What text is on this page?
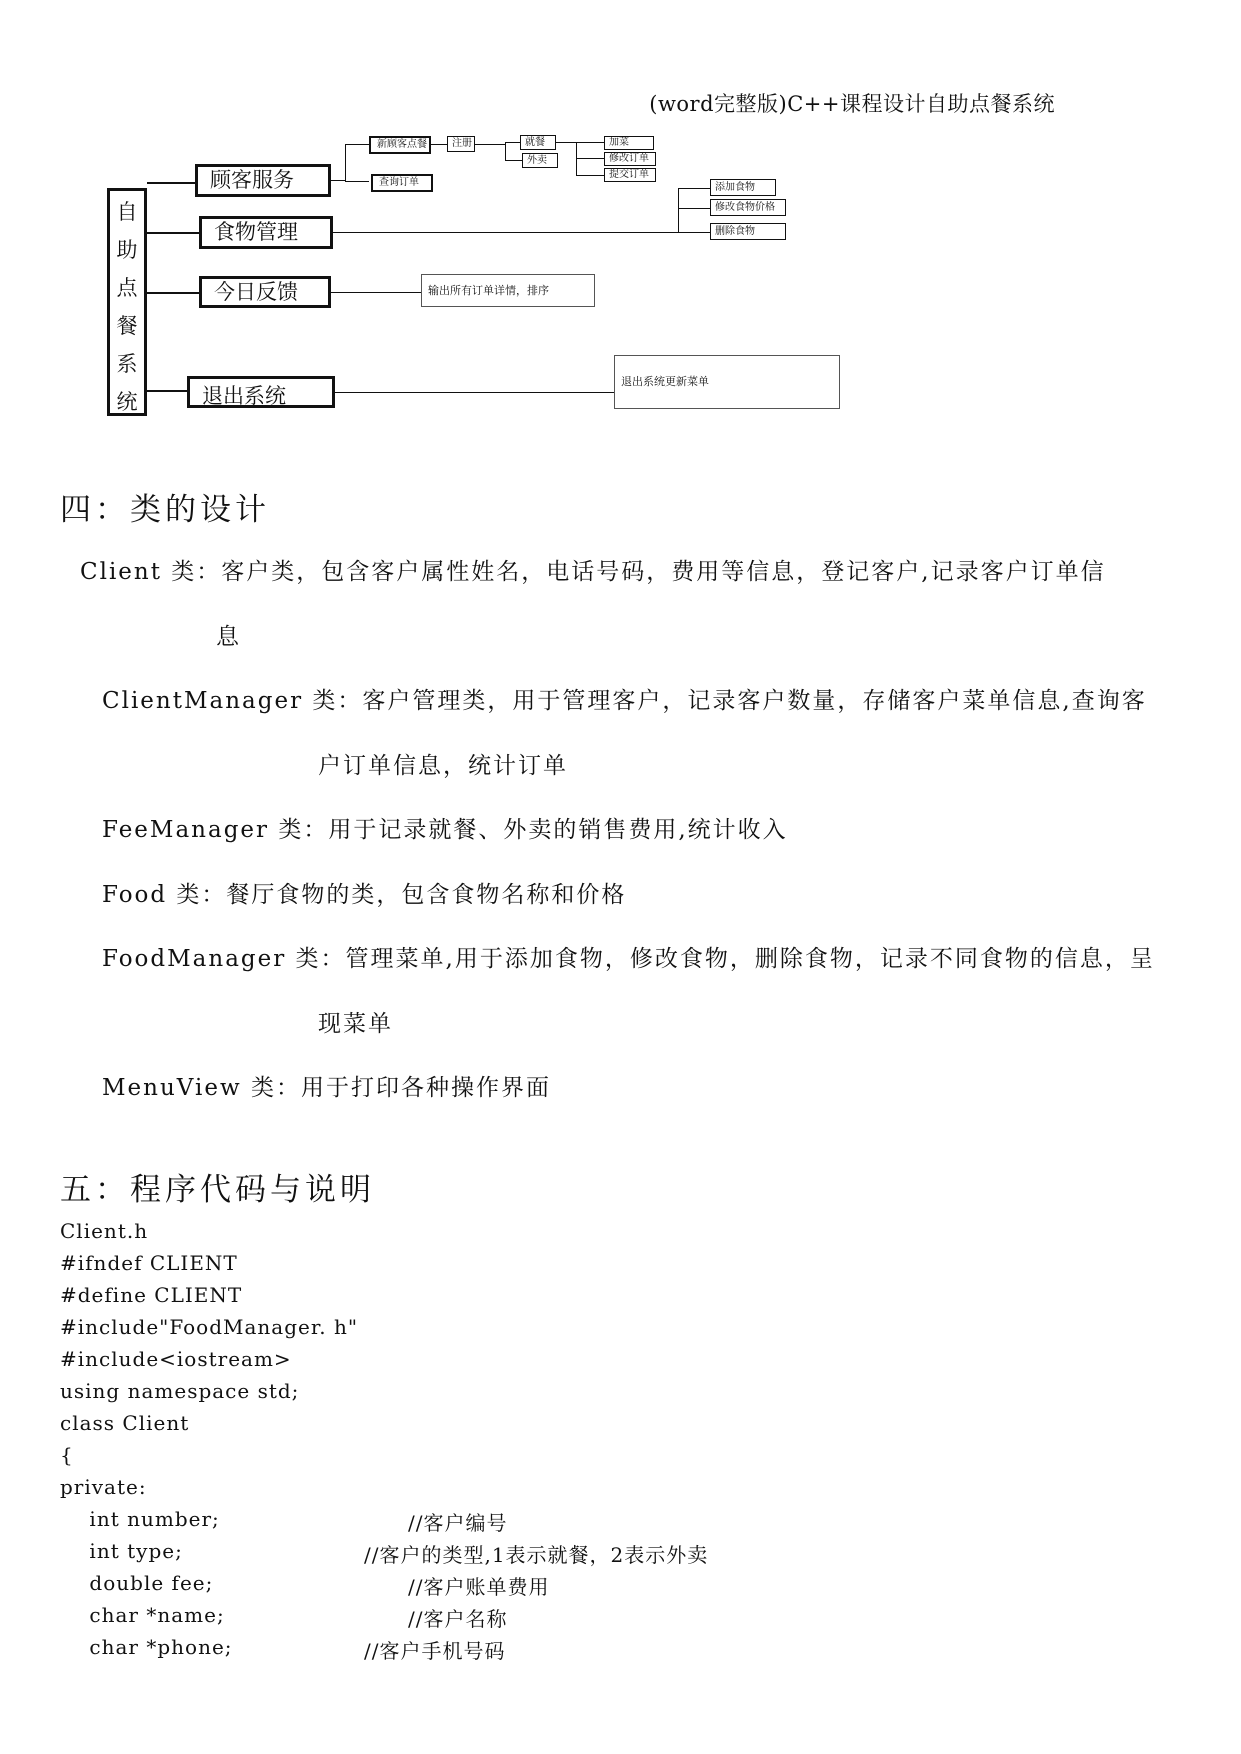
(word完整版)C++课程设计自助点餐系统
自
助
点
餐
系
统
顾客服务
食物管理
今日反馈
退出系统
新顾客点餐
查询订单
注册	就餐
外卖
加菜
修改订单
提交订单
添加食物
修改食物价格
删除食物
输出所有订单详情，排序
退出系统更新菜单
四：类的设计
Client 类：客户类，包含客户属性姓名，电话号码，费用等信息，登记客户,记录客户订单信
息
ClientManager 类：客户管理类，用于管理客户，记录客户数量，存储客户菜单信息,查询客
户订单信息，统计订单
FeeManager 类：用于记录就餐、外卖的销售费用,统计收入
Food 类：餐厅食物的类，包含食物名称和价格
FoodManager 类：管理菜单,用于添加食物，修改食物，删除食物，记录不同食物的信息，呈
现菜单
MenuView 类：用于打印各种操作界面
五：程序代码与说明
Client.h
#ifndef CLIENT
#define CLIENT
#include"FoodManager. h"
#include<iostream>
using namespace std;
class Client
{
private:
int number;
int type;
double fee;
char *name;
char *phone;
//客户编号
//客户的类型,1表示就餐，2表示外卖
//客户账单费用
//客户名称
//客户手机号码
